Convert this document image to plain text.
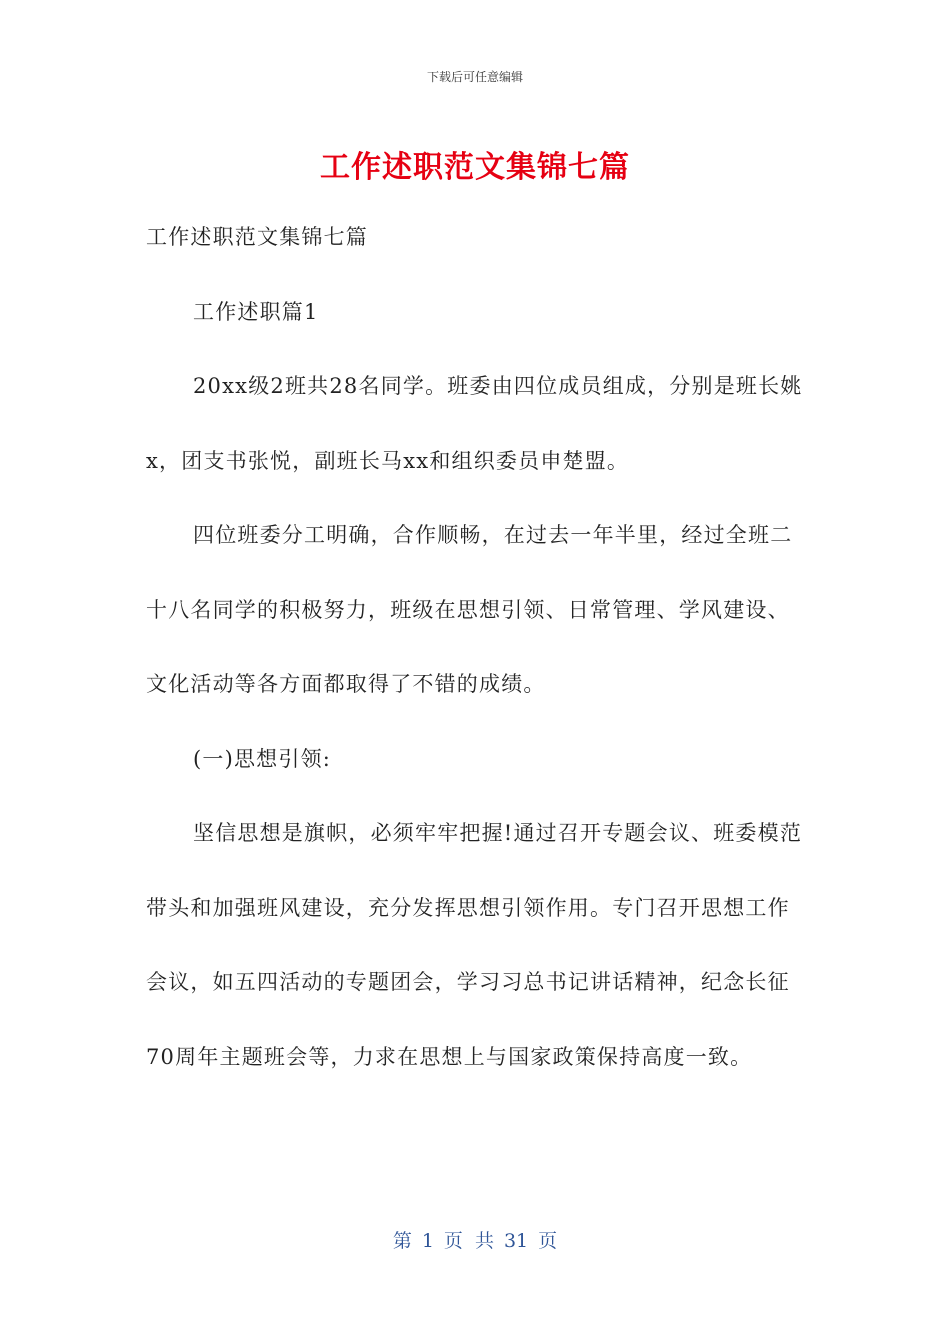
下载后可任意编辑
工作述职范文集锦七篇

工作述职范文集锦七篇

工作述职篇1

20xx级2班共28名同学。班委由四位成员组成，分别是班长姚x，团支书张悦，副班长马xx和组织委员申楚盟。

四位班委分工明确，合作顺畅，在过去一年半里，经过全班二十八名同学的积极努力，班级在思想引领、日常管理、学风建设、文化活动等各方面都取得了不错的成绩。

(一)思想引领:

坚信思想是旗帜，必须牢牢把握!通过召开专题会议、班委模范带头和加强班风建设，充分发挥思想引领作用。专门召开思想工作会议，如五四活动的专题团会，学习习总书记讲话精神，纪念长征70周年主题班会等，力求在思想上与国家政策保持高度一致。

第 1 页 共 31 页
